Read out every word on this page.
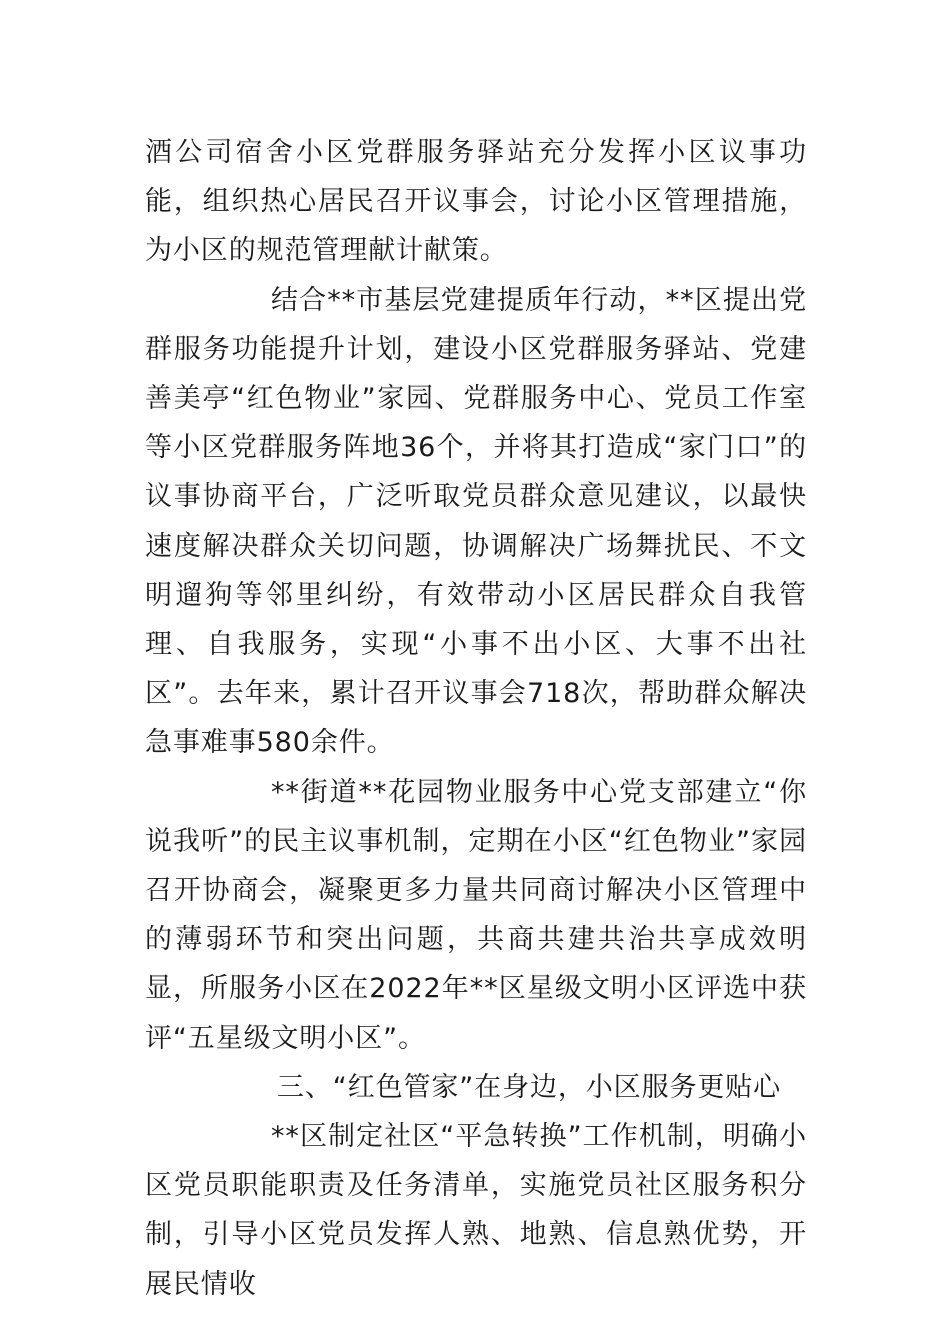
酒公司宿舍小区党群服务驿站充分发挥小区议事功能，组织热心居民召开议事会，讨论小区管理措施，为小区的规范管理献计献策。

结合**市基层党建提质年行动，**区提出党群服务功能提升计划，建设小区党群服务驿站、党建善美亭“红色物业”家园、党群服务中心、党员工作室等小区党群服务阵地36个，并将其打造成“家门口”的议事协商平台，广泛听取党员群众意见建议，以最快速度解决群众关切问题，协调解决广场舞扰民、不文明遛狗等邻里纠纷，有效带动小区居民群众自我管理、自我服务，实现“小事不出小区、大事不出社区”。去年来，累计召开议事会718次，帮助群众解决急事难事580余件。

**街道**花园物业服务中心党支部建立“你说我听”的民主议事机制，定期在小区“红色物业”家园召开协商会，凝聚更多力量共同商讨解决小区管理中的薄弱环节和突出问题，共商共建共治共享成效明显，所服务小区在2022年**区星级文明小区评选中获评“五星级文明小区”。

三、“红色管家”在身边，小区服务更贴心

**区制定社区“平急转换”工作机制，明确小区党员职能职责及任务清单，实施党员社区服务积分制，引导小区党员发挥人熟、地熟、信息熟优势，开展民情收
